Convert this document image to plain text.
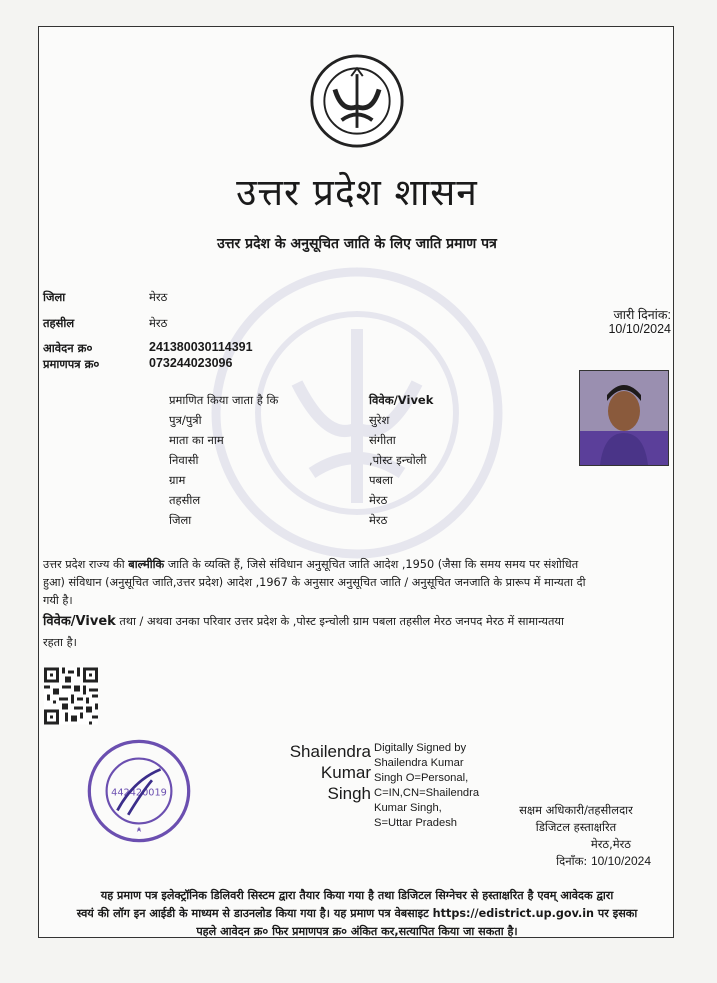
उत्तर प्रदेश शासन
उत्तर प्रदेश के अनुसूचित जाति के लिए जाति प्रमाण पत्र
जिला	मेरठ
तहसील	मेरठ
आवेदन क्र०	241380030114391
प्रमाणपत्र क्र०	073244023096
जारी दिनांक:
10/10/2024
प्रमाणित किया जाता है कि	विवेक/Vivek
पुत्र/पुत्री	सुरेश
माता का नाम	संगीता
निवासी	,पोस्ट इन्चोली
ग्राम	पबला
तहसील	मेरठ
जिला	मेरठ
उत्तर प्रदेश राज्य की बाल्मीकि जाति के व्यक्ति हैं, जिसे संविधान अनुसूचित जाति आदेश ,1950 (जैसा कि समय समय पर संशोधित
हुआ) संविधान (अनुसूचित जाति,उत्तर प्रदेश) आदेश ,1967 के अनुसार अनुसूचित जाति / अनुसूचित जनजाति के प्रारूप में मान्यता दी
गयी है।
विवेक/Vivek तथा / अथवा उनका परिवार उत्तर प्रदेश के ,पोस्ट इन्चोली ग्राम पबला तहसील मेरठ जनपद मेरठ में सामान्यतया
रहता है।
442420019
Shailendra
Kumar
Singh
Digitally Signed by
Shailendra Kumar
Singh O=Personal,
C=IN,CN=Shailendra
Kumar Singh,
S=Uttar Pradesh
सक्षम अधिकारी/तहसीलदार
डिजिटल हस्ताक्षरित
मेरठ,मेरठ
दिनाँक: 10/10/2024
यह प्रमाण पत्र इलेक्ट्रॉनिक डिलिवरी सिस्टम द्वारा तैयार किया गया है तथा डिजिटल सिग्नेचर से हस्ताक्षरित है एवम् आवेदक द्वारा
स्वयं की लॉग इन आईडी के माध्यम से डाउनलोड किया गया है। यह प्रमाण पत्र वेबसाइट https://edistrict.up.gov.in पर इसका
पहले आवेदन क्र० फिर प्रमाणपत्र क्र० अंकित कर,सत्यापित किया जा सकता है।
